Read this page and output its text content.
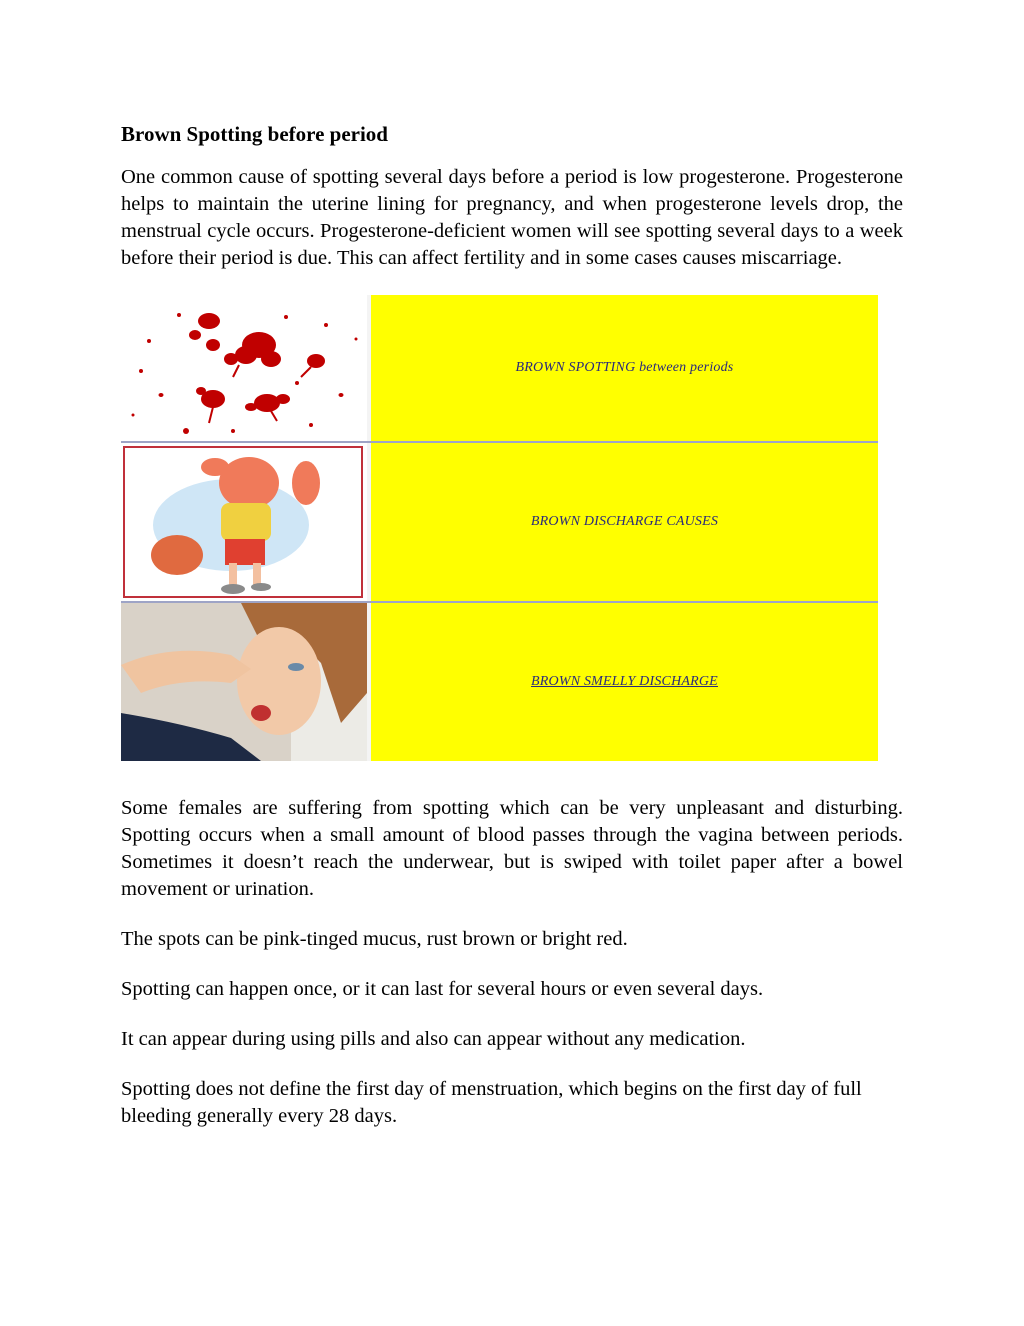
Brown Spotting before period

One common cause of spotting several days before a period is low progesterone. Progesterone helps to maintain the uterine lining for pregnancy, and when progesterone levels drop, the menstrual cycle occurs. Progesterone-deficient women will see spotting several days to a week before their period is due. This can affect fertility and in some cases causes miscarriage.

BROWN SPOTTING between periods
BROWN DISCHARGE CAUSES
BROWN SMELLY DISCHARGE

Some females are suffering from spotting which can be very unpleasant and disturbing. Spotting occurs when a small amount of blood passes through the vagina between periods. Sometimes it doesn’t reach the underwear, but is swiped with toilet paper after a bowel movement or urination.

The spots can be pink-tinged mucus, rust brown or bright red.

Spotting can happen once, or it can last for several hours or even several days.

It can appear during using pills and also can appear without any medication.

Spotting does not define the first day of menstruation, which begins on the first day of full bleeding generally every 28 days.
